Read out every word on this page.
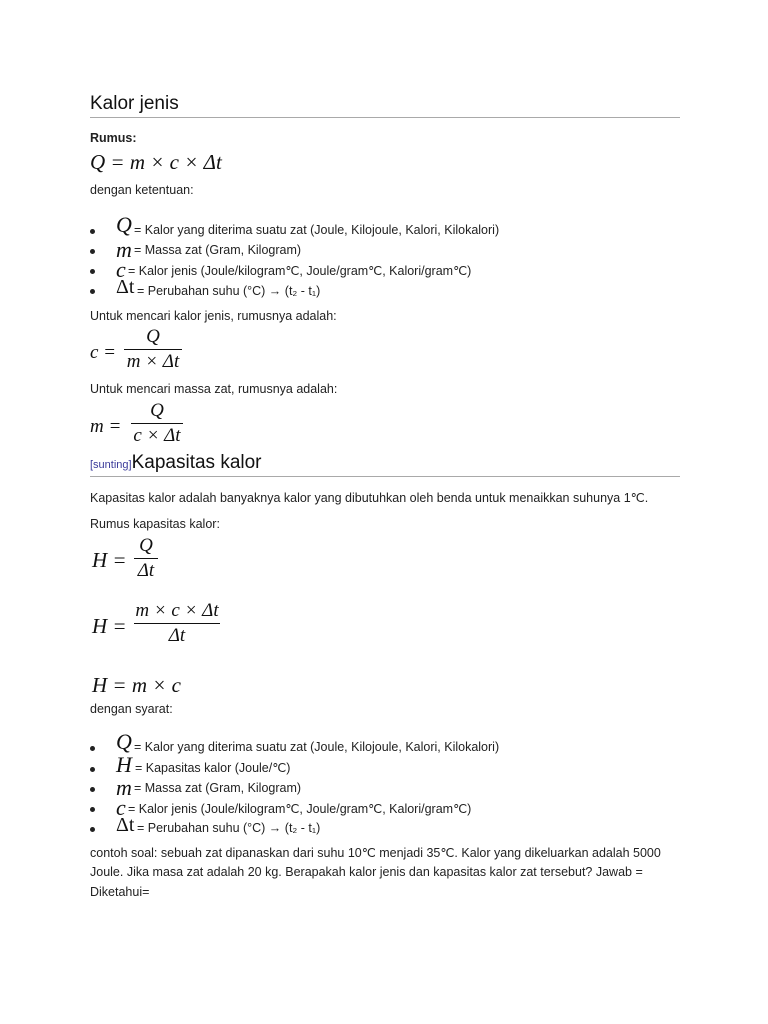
Kalor jenis
Rumus:
Q = m × c × Δt
dengan ketentuan:
Q = Kalor yang diterima suatu zat (Joule, Kilojoule, Kalori, Kilokalori)
m = Massa zat (Gram, Kilogram)
c = Kalor jenis (Joule/kilogram℃, Joule/gram℃, Kalori/gram℃)
Δt = Perubahan suhu (°C) → (t₂ - t₁)
Untuk mencari kalor jenis, rumusnya adalah:
c =
Q
m × Δt
Untuk mencari massa zat, rumusnya adalah:
m =
Q
c × Δt
[sunting]Kapasitas kalor
Kapasitas kalor adalah banyaknya kalor yang dibutuhkan oleh benda untuk menaikkan suhunya 1℃.
Rumus kapasitas kalor:
H =
Q
Δt
H =
m × c × Δt
Δt
H = m × c
dengan syarat:
Q = Kalor yang diterima suatu zat (Joule, Kilojoule, Kalori, Kilokalori)
H = Kapasitas kalor (Joule/℃)
m = Massa zat (Gram, Kilogram)
c = Kalor jenis (Joule/kilogram℃, Joule/gram℃, Kalori/gram℃)
Δt = Perubahan suhu (°C) → (t₂ - t₁)
contoh soal: sebuah zat dipanaskan dari suhu 10℃ menjadi 35℃. Kalor yang dikeluarkan adalah 5000
Joule. Jika masa zat adalah 20 kg. Berapakah kalor jenis dan kapasitas kalor zat tersebut? Jawab =
Diketahui=
